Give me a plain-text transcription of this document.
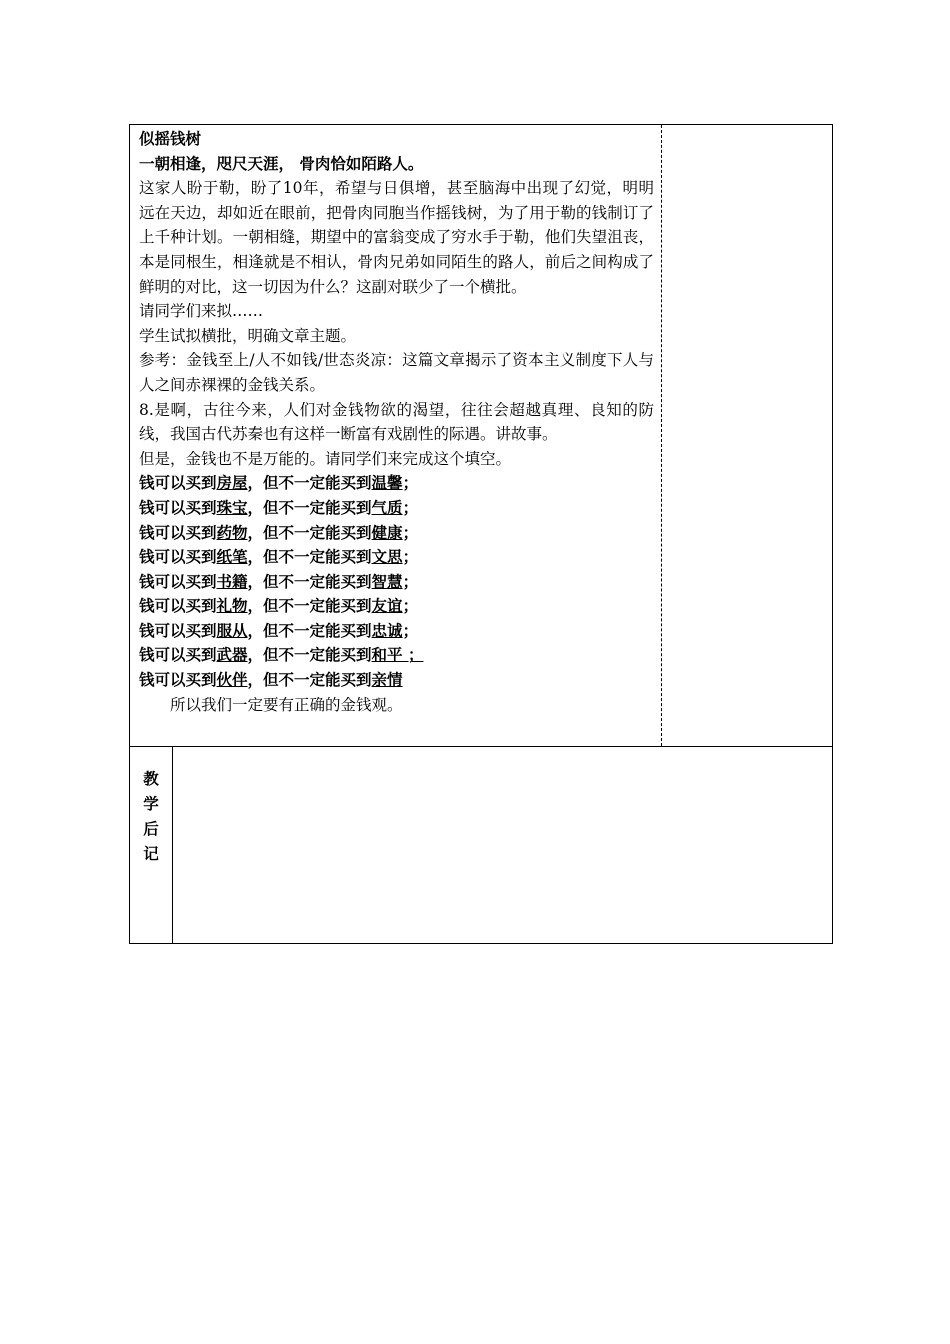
似摇钱树
一朝相逢，咫尺天涯， 骨肉恰如陌路人。
这家人盼于勒，盼了10年，希望与日俱增，甚至脑海中出现了幻觉，明明远在天边，却如近在眼前，把骨肉同胞当作摇钱树，为了用于勒的钱制订了上千种计划。一朝相缝，期望中的富翁变成了穷水手于勒，他们失望沮丧，本是同根生，相逢就是不相认，骨肉兄弟如同陌生的路人，前后之间构成了鲜明的对比，这一切因为什么？这副对联少了一个横批。
请同学们来拟……
学生试拟横批，明确文章主题。
参考：金钱至上/人不如钱/世态炎凉：这篇文章揭示了资本主义制度下人与人之间赤裸裸的金钱关系。
8.是啊，古往今来，人们对金钱物欲的渴望，往往会超越真理、良知的防线，我国古代苏秦也有这样一断富有戏剧性的际遇。讲故事。
但是，金钱也不是万能的。请同学们来完成这个填空。
钱可以买到房屋，但不一定能买到温馨；
钱可以买到珠宝，但不一定能买到气质；
钱可以买到药物，但不一定能买到健康；
钱可以买到纸笔，但不一定能买到文思；
钱可以买到书籍，但不一定能买到智慧；
钱可以买到礼物，但不一定能买到友谊；
钱可以买到服从，但不一定能买到忠诚；
钱可以买到武器，但不一定能买到和平 ；
钱可以买到伙伴，但不一定能买到亲情
所以我们一定要有正确的金钱观。
教
学
后
记
